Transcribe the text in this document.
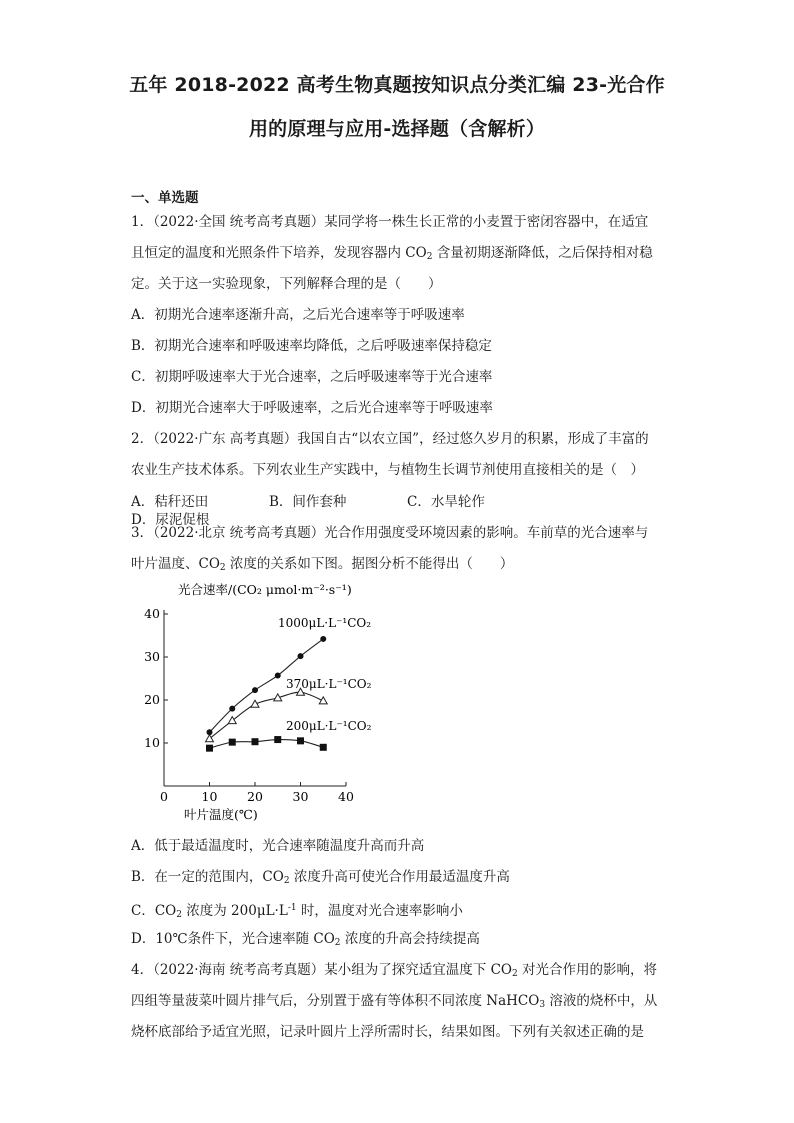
五年 2018-2022 高考生物真题按知识点分类汇编 23-光合作
用的原理与应用-选择题（含解析）
一、单选题
1．（2022·全国 统考高考真题）某同学将一株生长正常的小麦置于密闭容器中，在适宜
且恒定的温度和光照条件下培养，发现容器内 $CO_2$ 含量初期逐渐降低，之后保持相对稳
定。关于这一实验现象，下列解释合理的是（　　）
A．初期光合速率逐渐升高，之后光合速率等于呼吸速率
B．初期光合速率和呼吸速率均降低，之后呼吸速率保持稳定
C．初期呼吸速率大于光合速率，之后呼吸速率等于光合速率
D．初期光合速率大于呼吸速率，之后光合速率等于呼吸速率
2．（2022·广东 高考真题）我国自古“以农立国”，经过悠久岁月的积累，形成了丰富的
农业生产技术体系。下列农业生产实践中，与植物生长调节剂使用直接相关的是（　）
A．秸秆还田	B．间作套种	C．水旱轮作D．尿泥促根
3．（2022·北京 统考高考真题）光合作用强度受环境因素的影响。车前草的光合速率与
叶片温度、$CO_2$ 浓度的关系如下图。据图分析不能得出（　　）
光合速率/(CO₂ μmol·m⁻²·s⁻¹)
0	10 20 30 40
10
20
30
40
1000μL·L⁻¹CO₂
370μL·L⁻¹CO₂
200μL·L⁻¹CO₂
叶片温度(℃)
A．低于最适温度时，光合速率随温度升高而升高
B．在一定的范围内，$CO_2$ 浓度升高可使光合作用最适温度升高
C．$CO_2$ 浓度为 $200\mu L\cdot L^{-1}$ 时，温度对光合速率影响小
D．10℃条件下，光合速率随 $CO_2$ 浓度的升高会持续提高
4．（2022·海南 统考高考真题）某小组为了探究适宜温度下 $CO_2$ 对光合作用的影响，将
四组等量菠菜叶圆片排气后，分别置于盛有等体积不同浓度 NaHCO$_3$ 溶液的烧杯中，从
烧杯底部给予适宜光照，记录叶圆片上浮所需时长，结果如图。下列有关叙述正确的是
